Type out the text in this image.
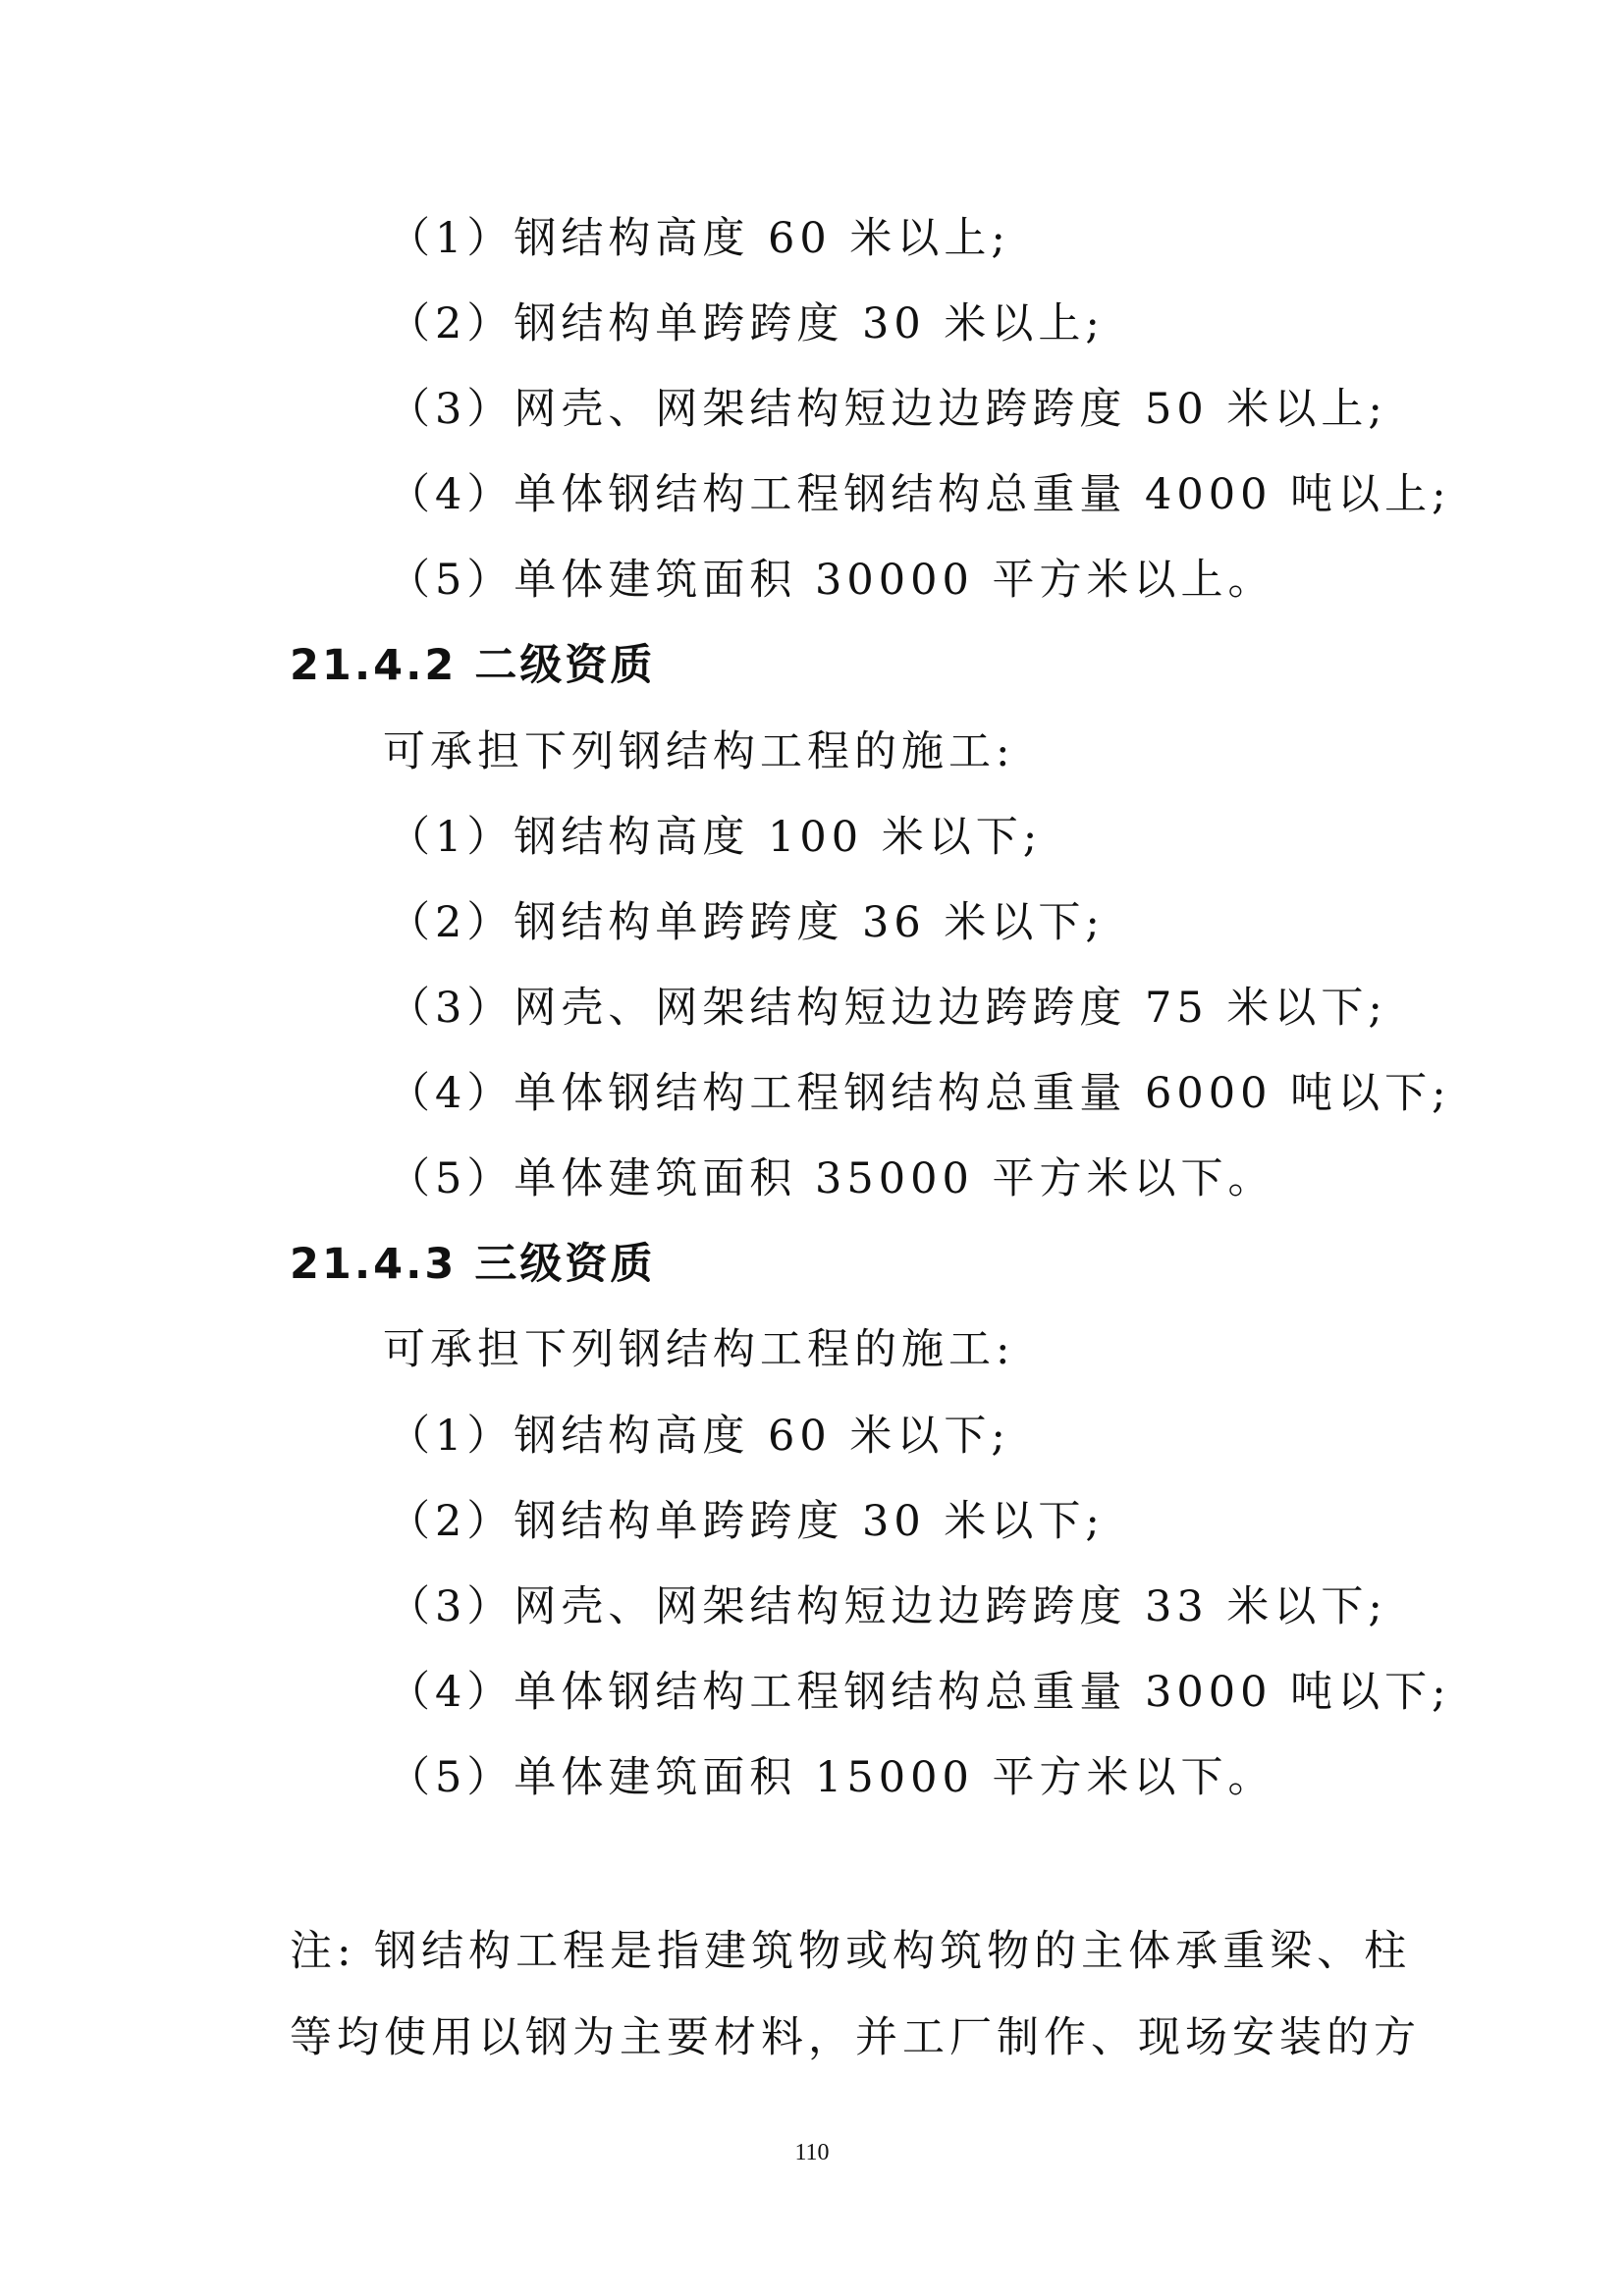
（1）钢结构高度 60 米以上;
（2）钢结构单跨跨度 30 米以上;
（3）网壳、网架结构短边边跨跨度 50 米以上;
（4）单体钢结构工程钢结构总重量 4000 吨以上;
（5）单体建筑面积 30000 平方米以上。
21.4.2 二级资质
可承担下列钢结构工程的施工:
（1）钢结构高度 100 米以下;
（2）钢结构单跨跨度 36 米以下;
（3）网壳、网架结构短边边跨跨度 75 米以下;
（4）单体钢结构工程钢结构总重量 6000 吨以下;
（5）单体建筑面积 35000 平方米以下。
21.4.3 三级资质
可承担下列钢结构工程的施工:
（1）钢结构高度 60 米以下;
（2）钢结构单跨跨度 30 米以下;
（3）网壳、网架结构短边边跨跨度 33 米以下;
（4）单体钢结构工程钢结构总重量 3000 吨以下;
（5）单体建筑面积 15000 平方米以下。
注: 钢结构工程是指建筑物或构筑物的主体承重梁、柱
等均使用以钢为主要材料，并工厂制作、现场安装的方
110
